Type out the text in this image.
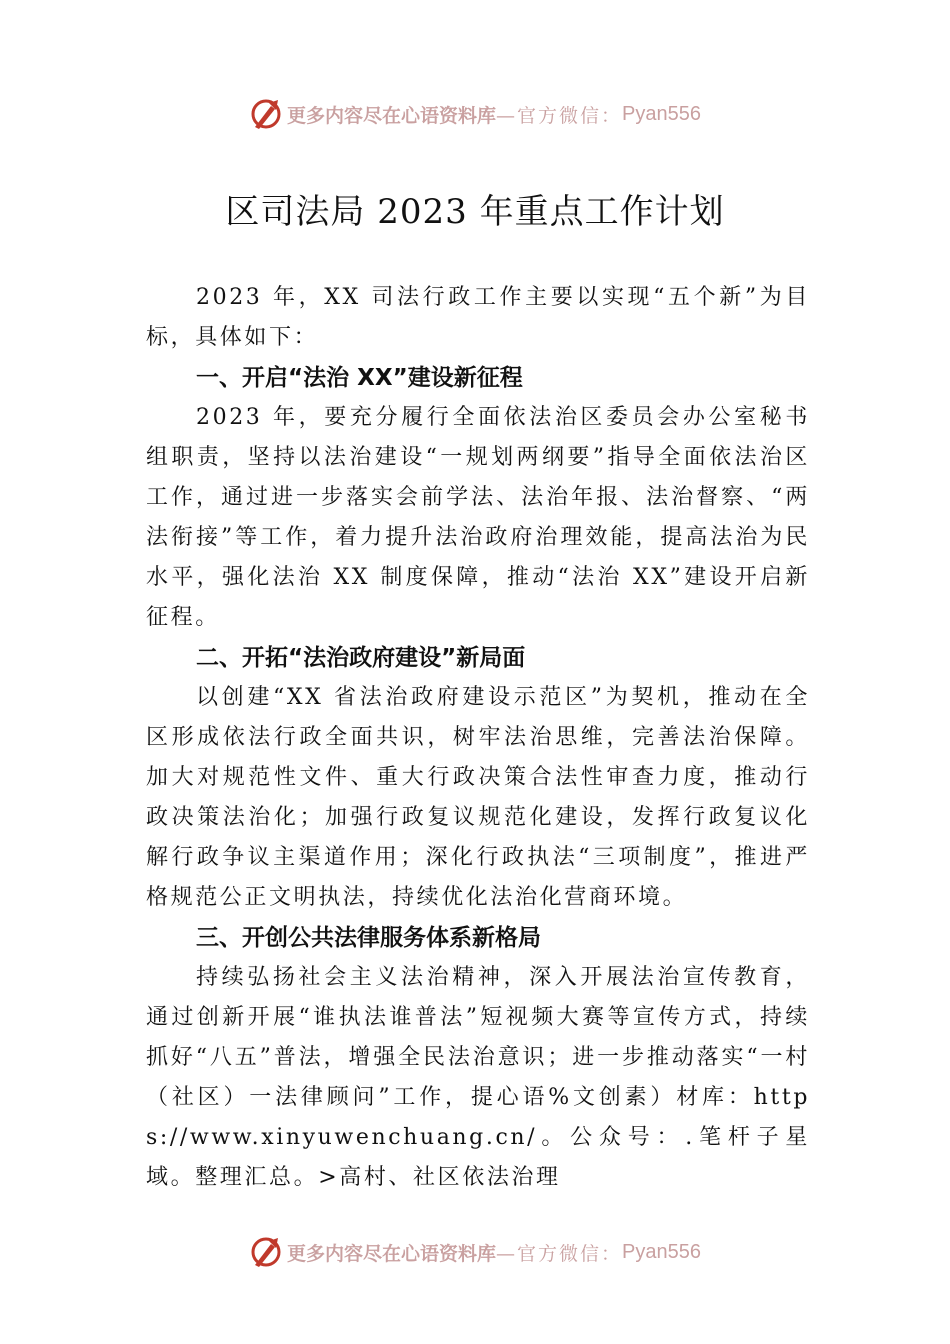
更多内容尽在心语资料库 —官方微信： Pyan556
区司法局 2023 年重点工作计划

2023 年，XX 司法行政工作主要以实现“五个新”为目标，具体如下：

一、开启“法治 XX”建设新征程

2023 年，要充分履行全面依法治区委员会办公室秘书组职责，坚持以法治建设“一规划两纲要”指导全面依法治区工作，通过进一步落实会前学法、法治年报、法治督察、“两法衔接”等工作，着力提升法治政府治理效能，提高法治为民水平，强化法治 XX 制度保障，推动“法治 XX”建设开启新征程。

二、开拓“法治政府建设”新局面

以创建“XX 省法治政府建设示范区”为契机，推动在全区形成依法行政全面共识，树牢法治思维，完善法治保障。加大对规范性文件、重大行政决策合法性审查力度，推动行政决策法治化；加强行政复议规范化建设，发挥行政复议化解行政争议主渠道作用；深化行政执法“三项制度”，推进严格规范公正文明执法，持续优化法治化营商环境。

三、开创公共法律服务体系新格局

持续弘扬社会主义法治精神，深入开展法治宣传教育，通过创新开展“谁执法谁普法”短视频大赛等宣传方式，持续抓好“八五”普法，增强全民法治意识；进一步推动落实“一村（社区）一法律顾问”工作，提心语%文创素）材库：https://www.xinyuwenchuang.cn/。公众号：.笔杆子星域。整理汇总。>高村、社区依法治理

更多内容尽在心语资料库 —官方微信： Pyan556
